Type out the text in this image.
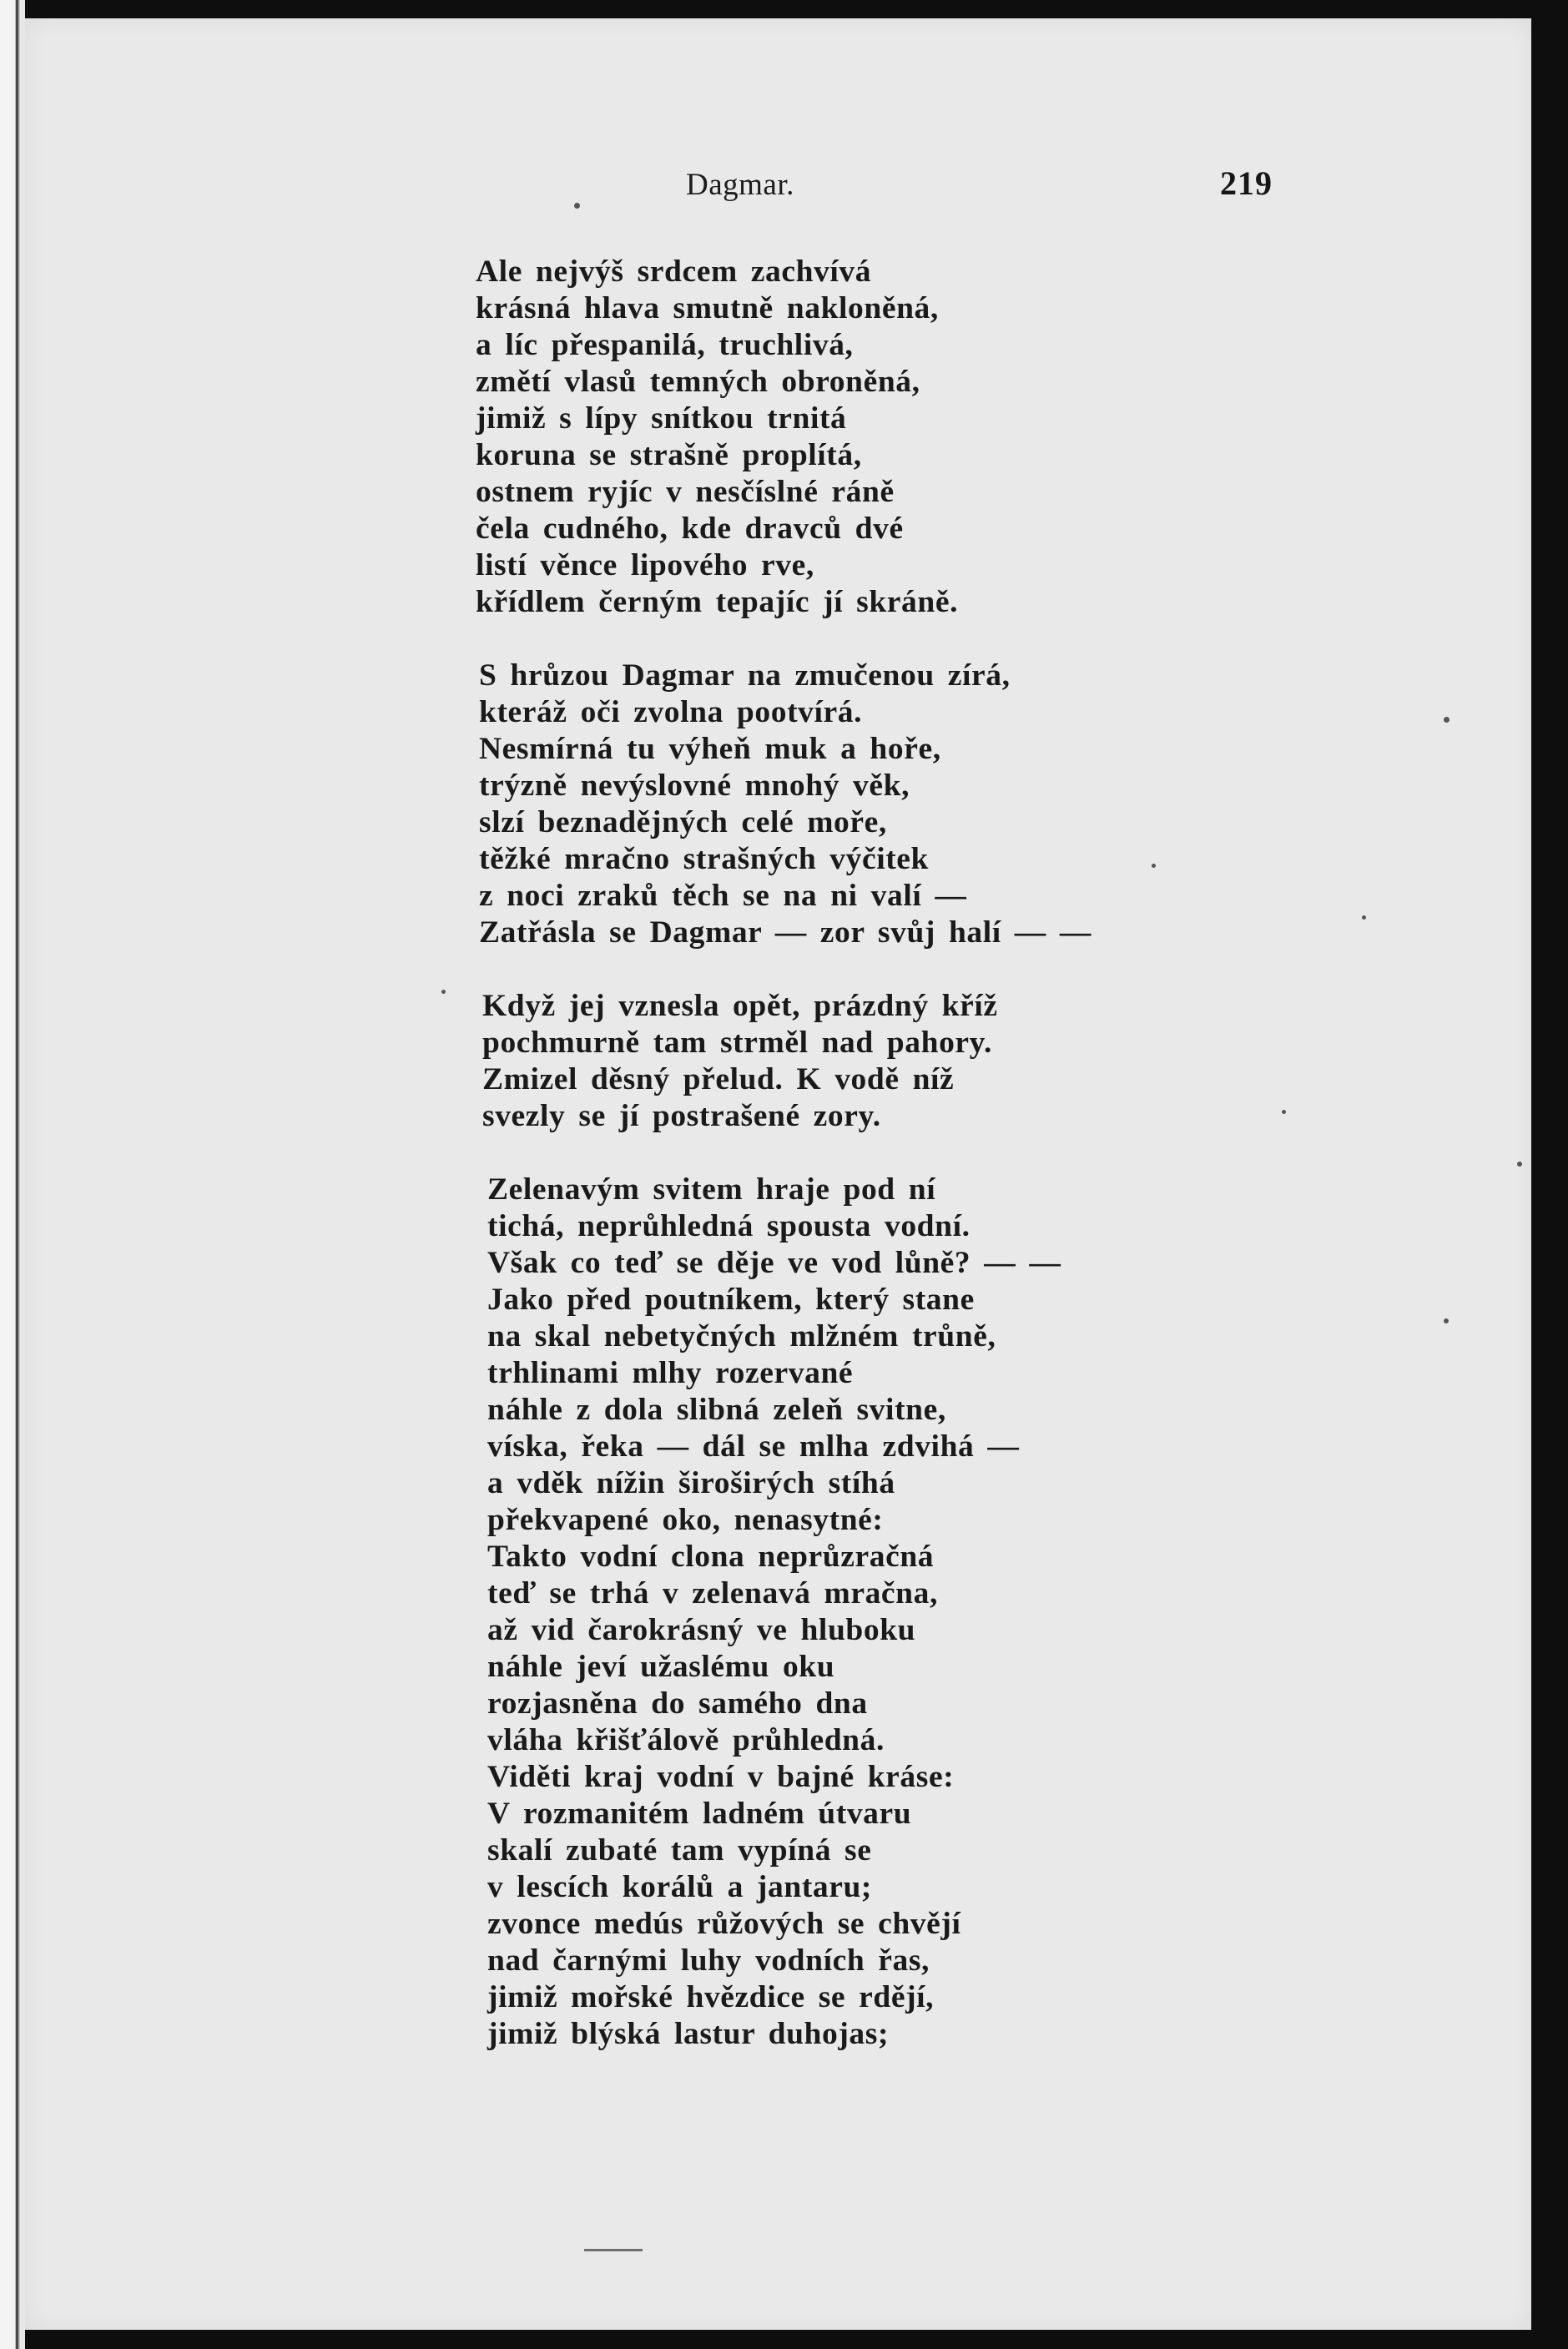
Dagmar.	219
Ale nejvýš srdcem zachvívá
krásná hlava smutně nakloněná,
a líc přespanilá, truchlivá,
změtí vlasů temných obroněná,
jimiž s lípy snítkou trnitá
koruna se strašně proplítá,
ostnem ryjíc v nesčíslné ráně
čela cudného, kde dravců dvé
listí věnce lipového rve,
křídlem černým tepajíc jí skráně.
S hrůzou Dagmar na zmučenou zírá,
kteráž oči zvolna pootvírá.
Nesmírná tu výheň muk a hoře,
trýzně nevýslovné mnohý věk,
slzí beznadějných celé moře,
těžké mračno strašných výčitek
z noci zraků těch se na ni valí —
Zatřásla se Dagmar — zor svůj halí — —
Když jej vznesla opět, prázdný kříž
pochmurně tam strměl nad pahory.
Zmizel děsný přelud. K vodě níž
svezly se jí postrašené zory.
Zelenavým svitem hraje pod ní
tichá, neprůhledná spousta vodní.
Však co teď se děje ve vod lůně? — —
Jako před poutníkem, který stane
na skal nebetyčných mlžném trůně,
trhlinami mlhy rozervané
náhle z dola slibná zeleň svitne,
víska, řeka — dál se mlha zdvihá —
a vděk nížin široširých stíhá
překvapené oko, nenasytné:
Takto vodní clona neprůzračná
teď se trhá v zelenavá mračna,
až vid čarokrásný ve hluboku
náhle jeví užaslému oku
rozjasněna do samého dna
vláha křišťálově průhledná.
Viděti kraj vodní v bajné kráse:
V rozmanitém ladném útvaru
skalí zubaté tam vypíná se
v lescích korálů a jantaru;
zvonce medús růžových se chvějí
nad čarnými luhy vodních řas,
jimiž mořské hvězdice se rdějí,
jimiž blýská lastur duhojas;
